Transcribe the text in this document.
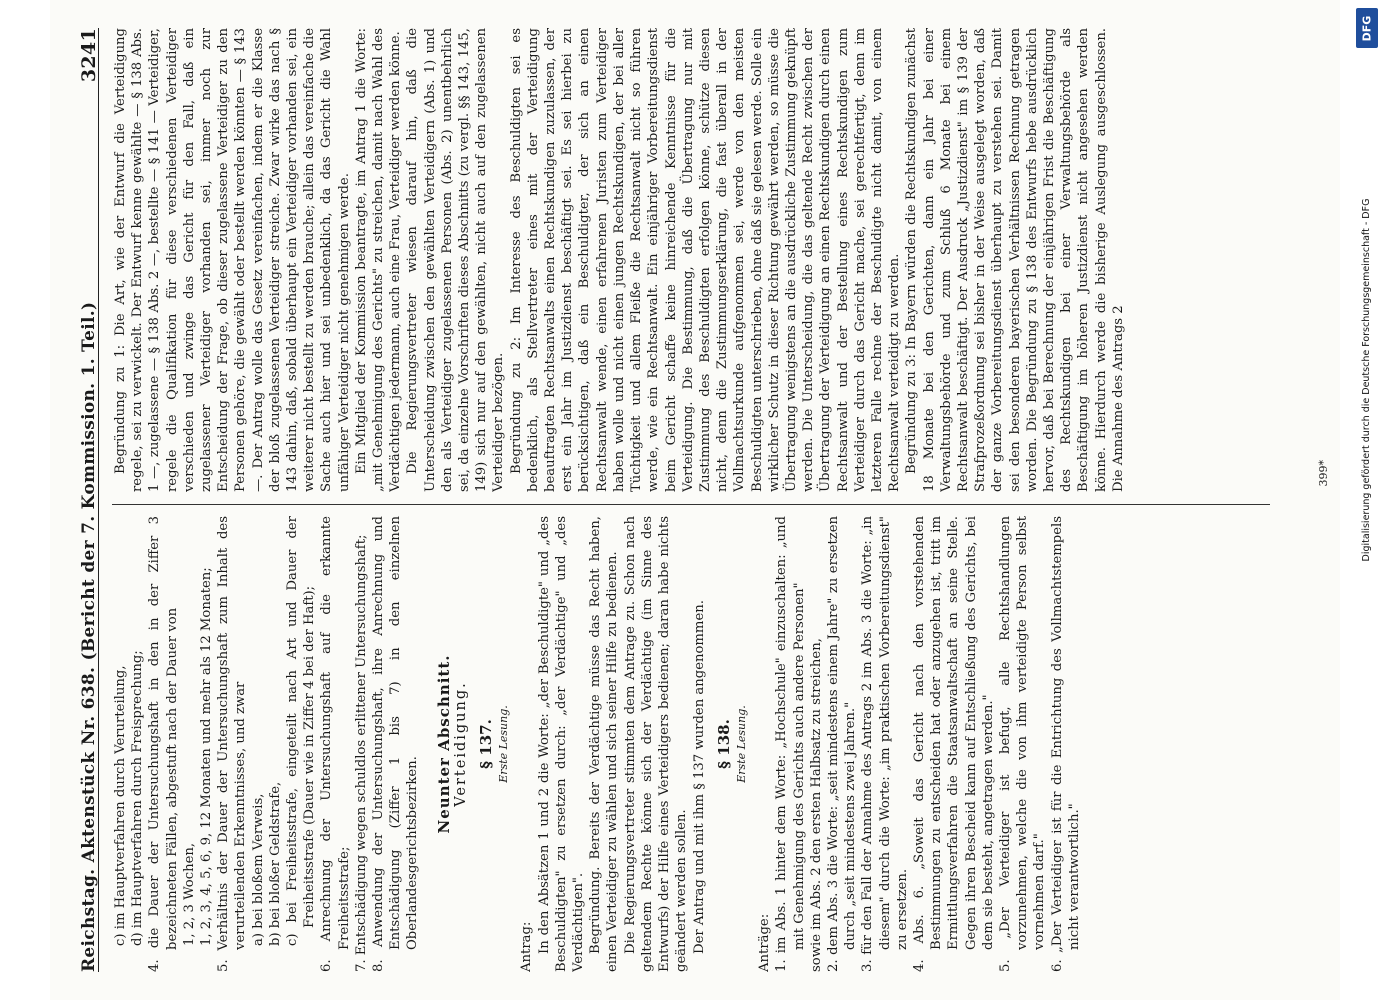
Reichstag. Aktenstück Nr. 638. (Bericht der 7. Kommission. 1. Teil.)
3241

c) im Hauptverfahren durch Verurteilung, d) im Hauptverfahren durch Freisprechung; 4. die Dauer der Untersuchungshaft in den in der Ziffer 3 bezeichneten Fällen, abgestuft nach der Dauer von 1, 2, 3 Wochen, 1, 2, 3, 4, 5, 6, 9, 12 Monaten und mehr als 12 Monaten; 5. Verhältnis der Dauer der Untersuchungshaft zum Inhalt des verurteilenden Erkenntnisses, und zwar a) bei bloßem Verweis, b) bei bloßer Geldstrafe, c) bei Freiheitsstrafe, eingeteilt nach Art und Dauer der Freiheitsstrafe (Dauer wie in Ziffer 4 bei der Haft); 6. Anrechnung der Untersuchungshaft auf die erkannte Freiheitsstrafe; 7. Entschädigung wegen schuldlos erlittener Untersuchungshaft; 8. Anwendung der Untersuchungshaft, ihre Anrechnung und Entschädigung (Ziffer 1 bis 7) in den einzelnen Oberlandesgerichtsbezirken.

Neunter Abschnitt. Verteidigung. § 137. Erste Lesung.

Antrag: In den Absätzen 1 und 2 die Worte: „der Beschuldigte" und „des Beschuldigten" zu ersetzen durch: „der Verdächtige" und „des Verdächtigen". Begründung. Bereits der Verdächtige müsse das Recht haben, einen Verteidiger zu wählen und sich seiner Hilfe zu bedienen. Die Regierungsvertreter stimmten dem Antrage zu. Schon nach geltendem Rechte könne sich der Verdächtige (im Sinne des Entwurfs) der Hilfe eines Verteidigers bedienen; daran habe nichts geändert werden sollen. Der Antrag und mit ihm § 137 wurden angenommen. § 138. Erste Lesung.

Anträge: 1. im Abs. 1 hinter dem Worte: „Hochschule" einzuschalten: „und mit Genehmigung des Gerichts auch andere Personen" sowie im Abs. 2 den ersten Halbsatz zu streichen, 2. dem Abs. 3 die Worte: „seit mindestens einem Jahre" zu ersetzen durch „seit mindestens zwei Jahren." 3. für den Fall der Annahme des Antrags 2 im Abs. 3 die Worte: „in diesem" durch die Worte: „im praktischen Vorbereitungsdienst" zu ersetzen. 4. Abs. 6. „Soweit das Gericht nach den vorstehenden Bestimmungen zu entscheiden hat oder anzugehen ist, tritt im Ermittlungsverfahren die Staatsanwaltschaft an seine Stelle. Gegen ihren Bescheid kann auf Entschließung des Gerichts, bei dem sie besteht, angetragen werden." 5. „Der Verteidiger ist befugt, alle Rechtshandlungen vorzunehmen, welche die von ihm verteidigte Person selbst vornehmen darf." 6. „Der Verteidiger ist für die Entrichtung des Vollmachtstempels nicht verantwortlich."

Begründung zu 1: Die Art, wie der Entwurf die Verteidigung regele, sei zu verwickelt. Der Entwurf kenne gewählte — § 138 Abs. 1 —, zugelassene — § 138 Abs. 2 —, bestellte — § 141 — Verteidiger, regele die Qualifikation für diese verschiedenen Verteidiger verschieden und zwinge das Gericht für den Fall, daß ein zugelassener Verteidiger vorhanden sei, immer noch zur Entscheidung der Frage, ob dieser zugelassene Verteidiger zu den Personen gehöre, die gewählt oder bestellt werden könnten — § 143 —. Der Antrag wolle das Gesetz vereinfachen, indem er die Klasse der bloß zugelassenen Verteidiger streiche. Zwar wirke das nach § 143 dahin, daß, sobald überhaupt ein Verteidiger vorhanden sei, ein weiterer nicht bestellt zu werden brauche; allein das vereinfache die Sache auch hier und sei unbedenklich, da das Gericht die Wahl unfähiger Verteidiger nicht genehmigen werde. Ein Mitglied der Kommission beantragte, im Antrag 1 die Worte: „mit Genehmigung des Gerichts" zu streichen, damit nach Wahl des Verdächtigen jedermann, auch eine Frau, Verteidiger werden könne. Die Regierungsvertreter wiesen darauf hin, daß die Unterscheidung zwischen den gewählten Verteidigern (Abs. 1) und den als Verteidiger zugelassenen Personen (Abs. 2) unentbehrlich sei, da einzelne Vorschriften dieses Abschnitts (zu vergl. §§ 143, 145, 149) sich nur auf den gewählten, nicht auch auf den zugelassenen Verteidiger bezögen. Begründung zu 2: Im Interesse des Beschuldigten sei es bedenklich, als Stellvertreter eines mit der Verteidigung beauftragten Rechtsanwalts einen Rechtskundigen zuzulassen, der erst ein Jahr im Justizdienst beschäftigt sei. Es sei hierbei zu berücksichtigen, daß ein Beschuldigter, der sich an einen Rechtsanwalt wende, einen erfahrenen Juristen zum Verteidiger haben wolle und nicht einen jungen Rechtskundigen, der bei aller Tüchtigkeit und allem Fleiße die Rechtsanwalt nicht so führen werde, wie ein Rechtsanwalt. Ein einjähriger Vorbereitungsdienst beim Gericht schaffe keine hinreichende Kenntnisse für die Verteidigung. Die Bestimmung, daß die Übertragung nur mit Zustimmung des Beschuldigten erfolgen könne, schütze diesen nicht, denn die Zustimmungserklärung, die fast überall in der Vollmachtsurkunde aufgenommen sei, werde von den meisten Beschuldigten unterschrieben, ohne daß sie gelesen werde. Solle ein wirklicher Schutz in dieser Richtung gewährt werden, so müsse die Übertragung wenigstens an die ausdrückliche Zustimmung geknüpft werden. Die Unterscheidung, die das geltende Recht zwischen der Übertragung der Verteidigung an einen Rechtskundigen durch einen Rechtsanwalt und der Bestellung eines Rechtskundigen zum Verteidiger durch das Gericht mache, sei gerechtfertigt, denn im letzteren Falle rechne der Beschuldigte nicht damit, von einem Rechtsanwalt verteidigt zu werden. Begründung zu 3: In Bayern würden die Rechtskundigen zunächst 18 Monate bei den Gerichten, dann ein Jahr bei einer Verwaltungsbehörde und zum Schluß 6 Monate bei einem Rechtsanwalt beschäftigt. Der Ausdruck „Justizdienst" im § 139 der Strafprozeßordnung sei bisher in der Weise ausgelegt worden, daß der ganze Vorbereitungsdienst überhaupt zu verstehen sei. Damit sei den besonderen bayerischen Verhältnissen Rechnung getragen worden. Die Begründung zu § 138 des Entwurfs hebe ausdrücklich hervor, daß bei Berechnung der einjährigen Frist die Beschäftigung des Rechtskundigen bei einer Verwaltungsbehörde als Beschäftigung im höheren Justizdienst nicht angesehen werden könne. Hierdurch werde die bisherige Auslegung ausgeschlossen. Die Annahme des Antrags 2	399*
DFG
Digitalisierung gefördert durch die Deutsche Forschungsgemeinschaft - DFG
